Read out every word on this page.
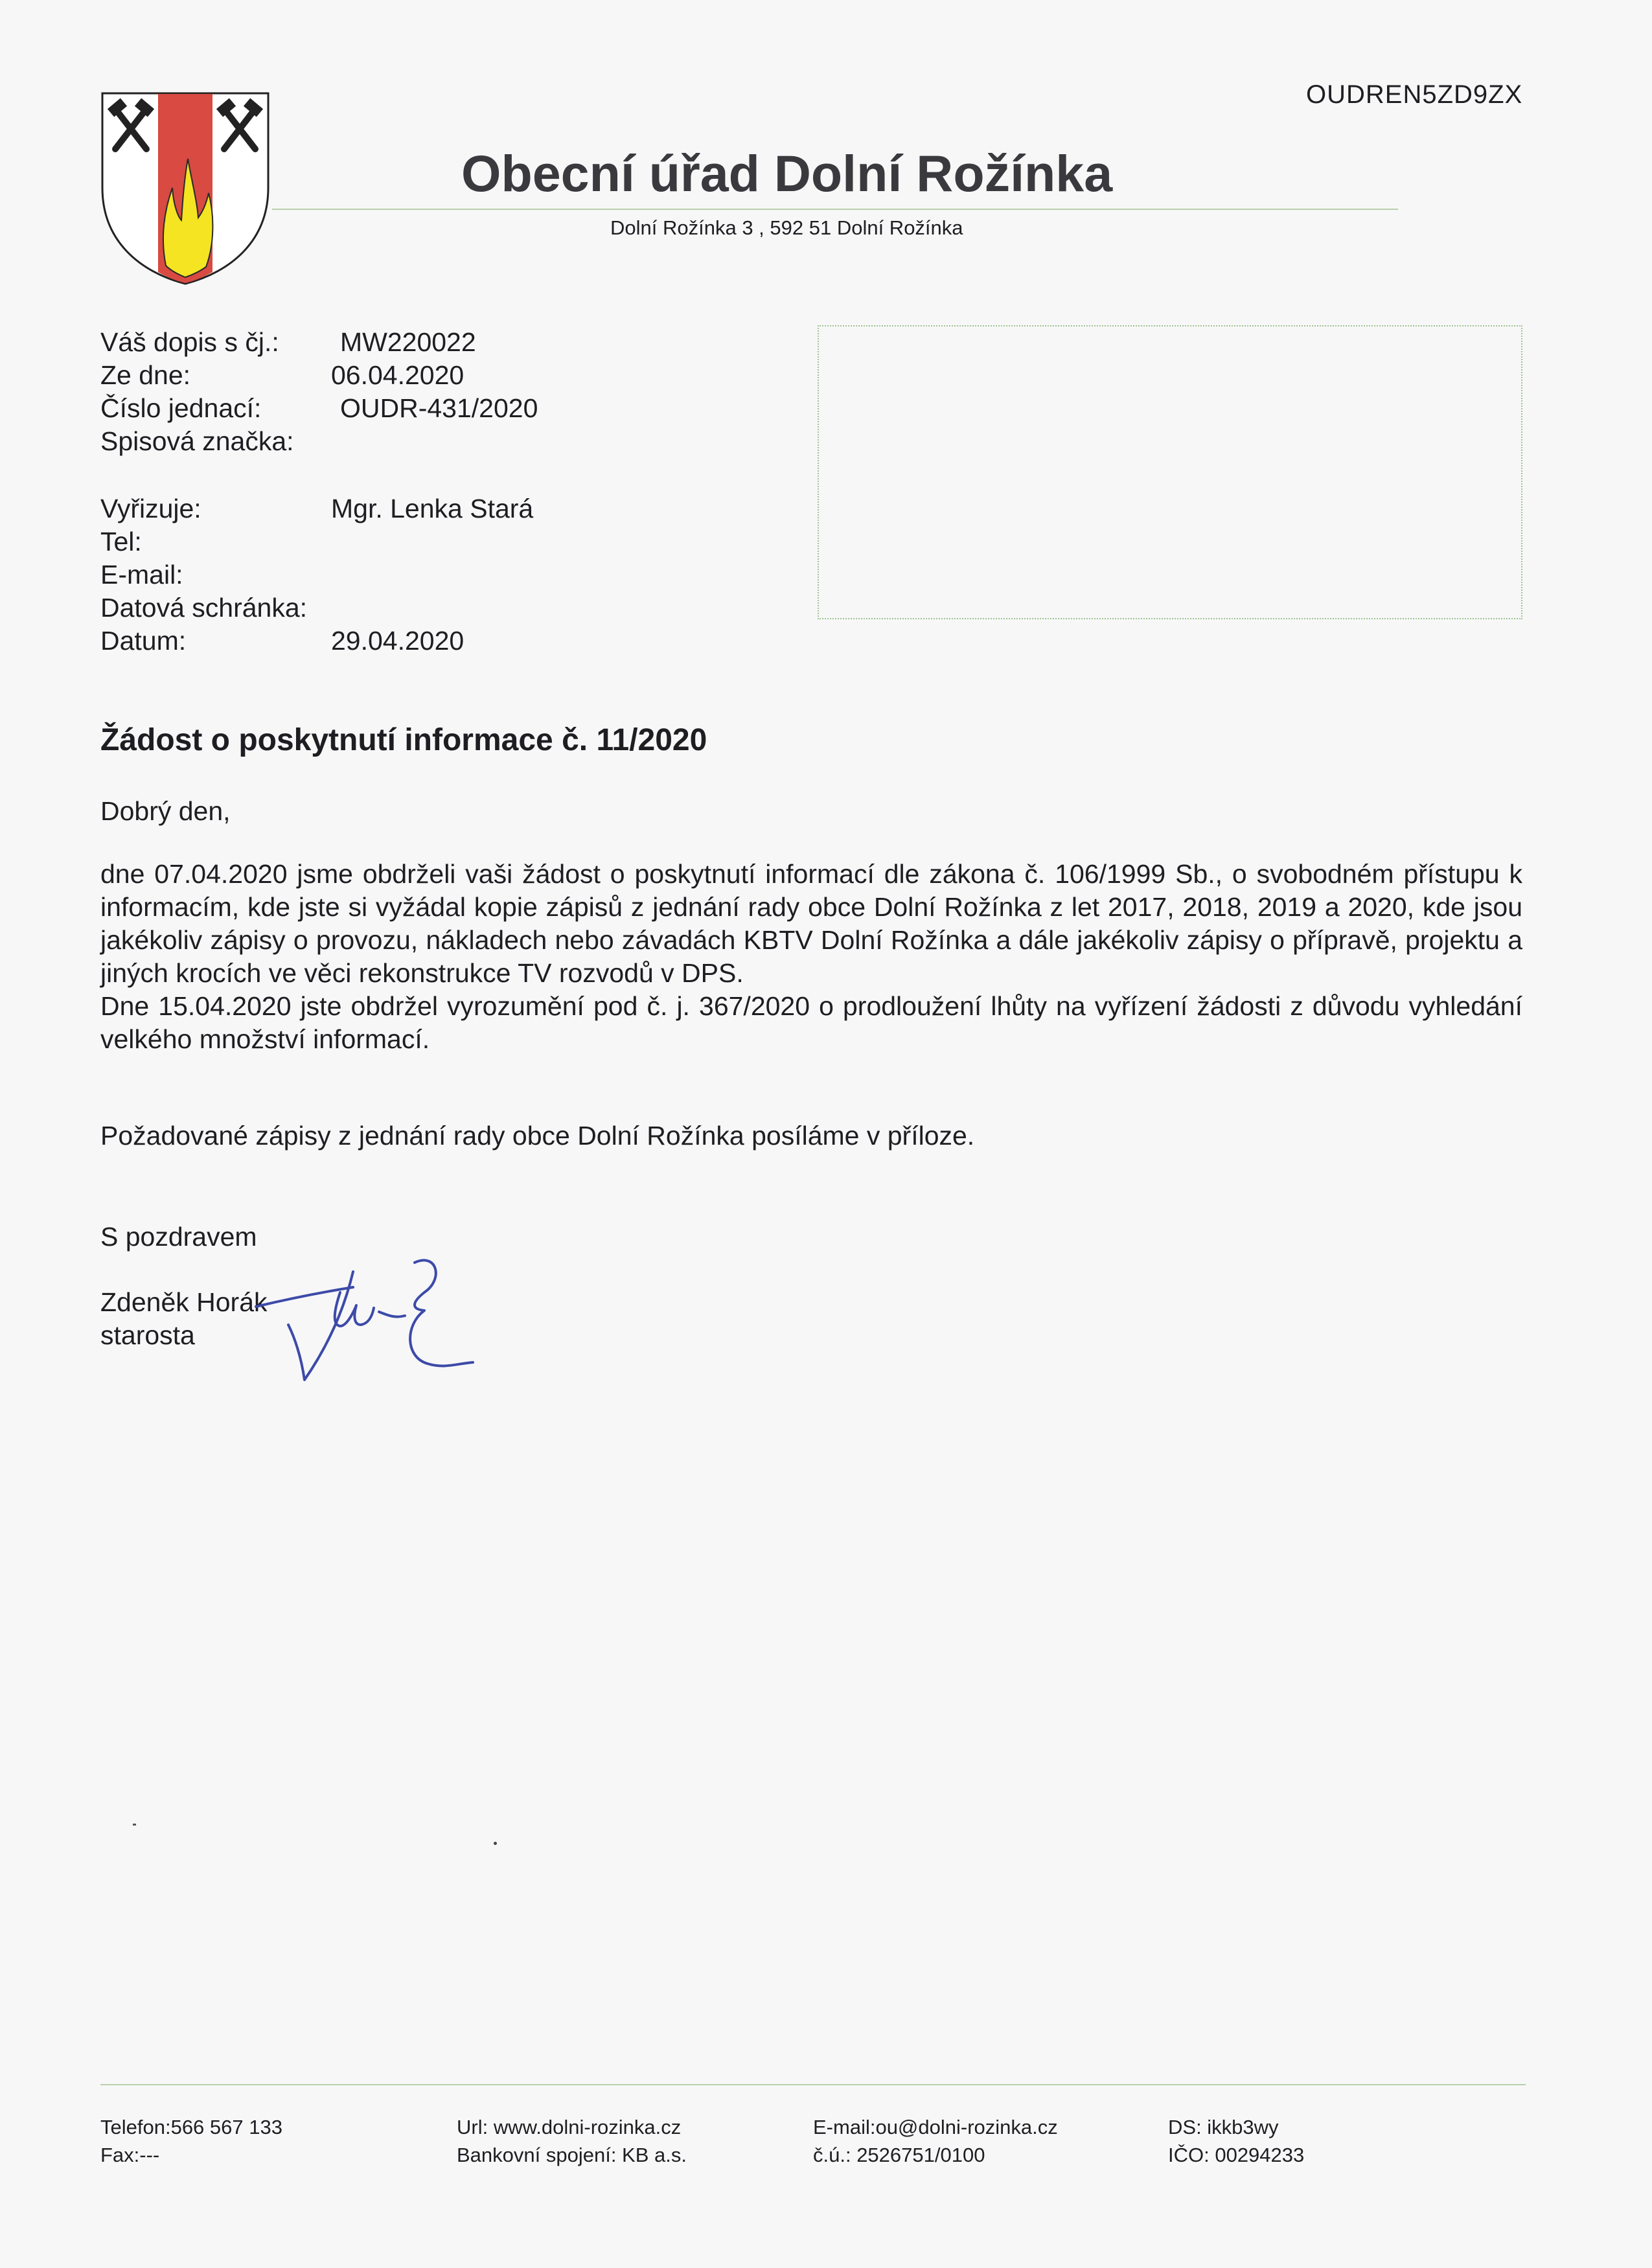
OUDREN5ZD9ZX
Obecní úřad Dolní Rožínka
Dolní Rožínka 3 , 592 51 Dolní Rožínka
Váš dopis s čj.: MW220022
Ze dne:	06.04.2020
Číslo jednací:	OUDR-431/2020
Spisová značka:
Vyřizuje:	Mgr. Lenka Stará
Tel:
E-mail:
Datová schránka:
Datum:	29.04.2020
Žádost o poskytnutí informace č. 11/2020
Dobrý den,

dne 07.04.2020 jsme obdrželi vaši žádost o poskytnutí informací dle zákona č. 106/1999 Sb., o svobodném přístupu k informacím, kde jste si vyžádal kopie zápisů z jednání rady obce Dolní Rožínka z let 2017, 2018, 2019 a 2020, kde jsou jakékoliv zápisy o provozu, nákladech nebo závadách KBTV Dolní Rožínka a dále jakékoliv zápisy o přípravě, projektu a jiných krocích ve věci rekonstrukce TV rozvodů v DPS.

Dne 15.04.2020 jste obdržel vyrozumění pod č. j. 367/2020 o prodloužení lhůty na vyřízení žádosti z důvodu vyhledání velkého množství informací.

Požadované zápisy z jednání rady obce Dolní Rožínka posíláme v příloze.
S pozdravem
Zdeněk Horák
starosta
Telefon:566 567 133
Fax:---
Url: www.dolni-rozinka.cz
Bankovní spojení: KB a.s.
E-mail:ou@dolni-rozinka.cz
č.ú.: 2526751/0100
DS: ikkb3wy
IČO: 00294233
